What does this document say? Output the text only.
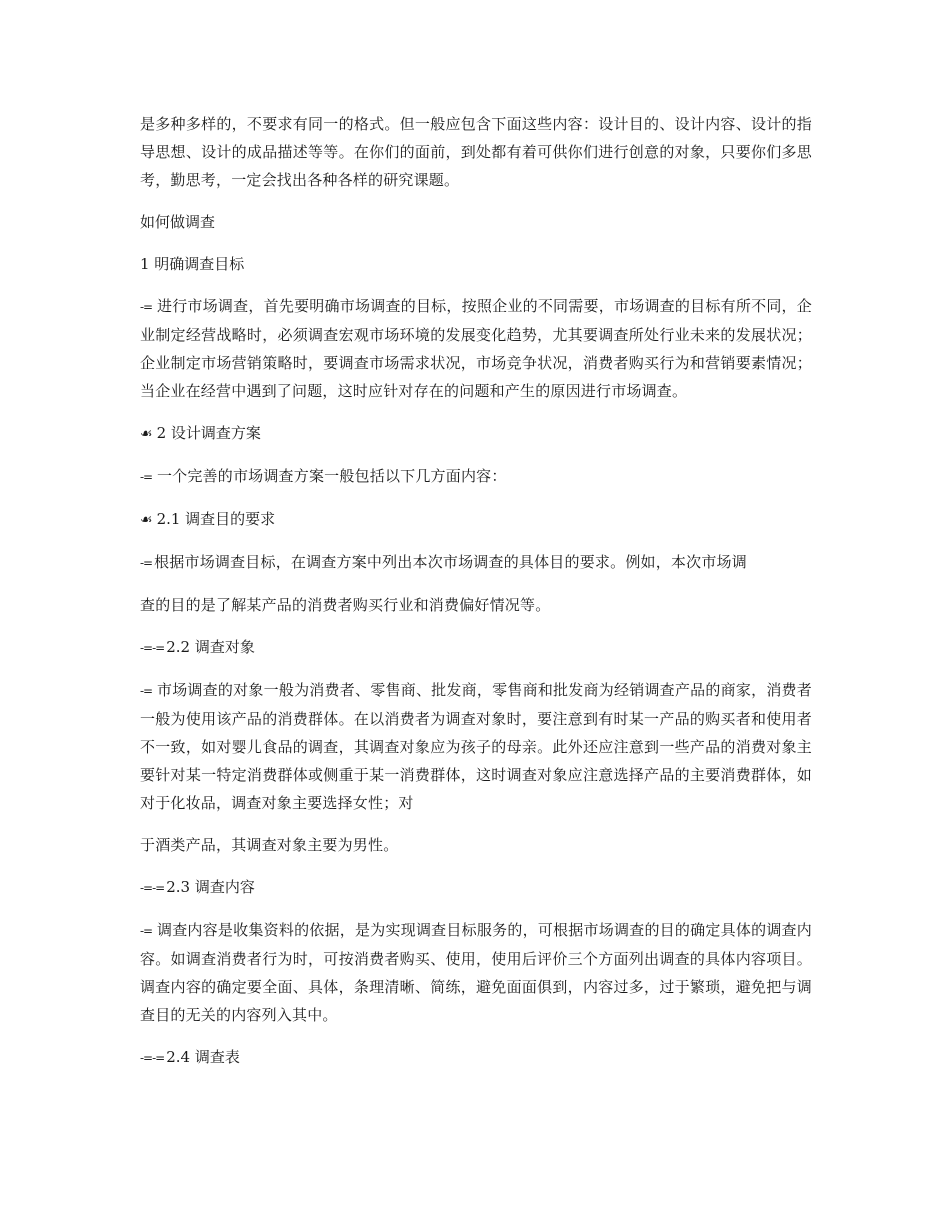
是多种多样的，不要求有同一的格式。但一般应包含下面这些内容：设计目的、设计内容、设计的指导思想、设计的成品描述等等。在你们的面前，到处都有着可供你们进行创意的对象，只要你们多思考，勤思考，一定会找出各种各样的研究课题。

如何做调查

1 明确调查目标

-= 进行市场调查，首先要明确市场调查的目标，按照企业的不同需要，市场调查的目标有所不同，企业制定经营战略时，必须调查宏观市场环境的发展变化趋势，尤其要调查所处行业未来的发展状况；企业制定市场营销策略时，要调查市场需求状况，市场竞争状况，消费者购买行为和营销要素情况；当企业在经营中遇到了问题，这时应针对存在的问题和产生的原因进行市场调查。

☙ 2 设计调查方案

-= 一个完善的市场调查方案一般包括以下几方面内容：

☙ 2.1 调查目的要求

-= 根据市场调查目标，在调查方案中列出本次市场调查的具体目的要求。例如，本次市场调

查的目的是了解某产品的消费者购买行业和消费偏好情况等。

-=-= 2.2 调查对象

-= 市场调查的对象一般为消费者、零售商、批发商，零售商和批发商为经销调查产品的商家，消费者一般为使用该产品的消费群体。在以消费者为调查对象时，要注意到有时某一产品的购买者和使用者不一致，如对婴儿食品的调查，其调查对象应为孩子的母亲。此外还应注意到一些产品的消费对象主要针对某一特定消费群体或侧重于某一消费群体，这时调查对象应注意选择产品的主要消费群体，如对于化妆品，调查对象主要选择女性；对

于酒类产品，其调查对象主要为男性。

-=-= 2.3 调查内容

-= 调查内容是收集资料的依据，是为实现调查目标服务的，可根据市场调查的目的确定具体的调查内容。如调查消费者行为时，可按消费者购买、使用，使用后评价三个方面列出调查的具体内容项目。调查内容的确定要全面、具体，条理清晰、简练，避免面面俱到，内容过多，过于繁琐，避免把与调查目的无关的内容列入其中。

-=-= 2.4 调查表
